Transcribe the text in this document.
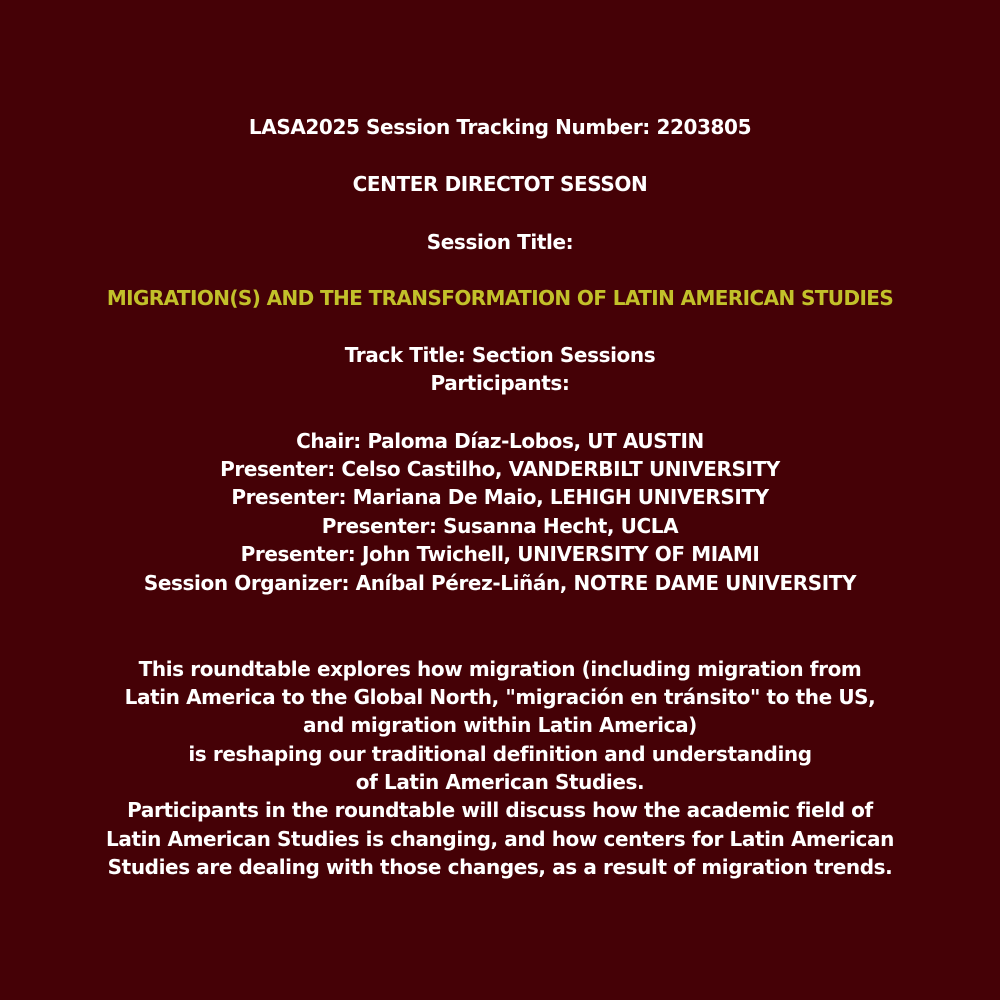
LASA2025 Session Tracking Number: 2203805
CENTER DIRECTOT SESSON
Session Title:
MIGRATION(S) AND THE TRANSFORMATION OF LATIN AMERICAN STUDIES
Track Title: Section Sessions
Participants:
Chair: Paloma Díaz-Lobos, UT AUSTIN
Presenter: Celso Castilho, VANDERBILT UNIVERSITY
Presenter: Mariana De Maio, LEHIGH UNIVERSITY
Presenter: Susanna Hecht, UCLA
Presenter: John Twichell, UNIVERSITY OF MIAMI
Session Organizer: Aníbal Pérez-Liñán, NOTRE DAME UNIVERSITY
This roundtable explores how migration (including migration from
Latin America to the Global North, "migración en tránsito" to the US,
and migration within Latin America)
is reshaping our traditional definition and understanding
of Latin American Studies.
Participants in the roundtable will discuss how the academic field of
Latin American Studies is changing, and how centers for Latin American
Studies are dealing with those changes, as a result of migration trends.
